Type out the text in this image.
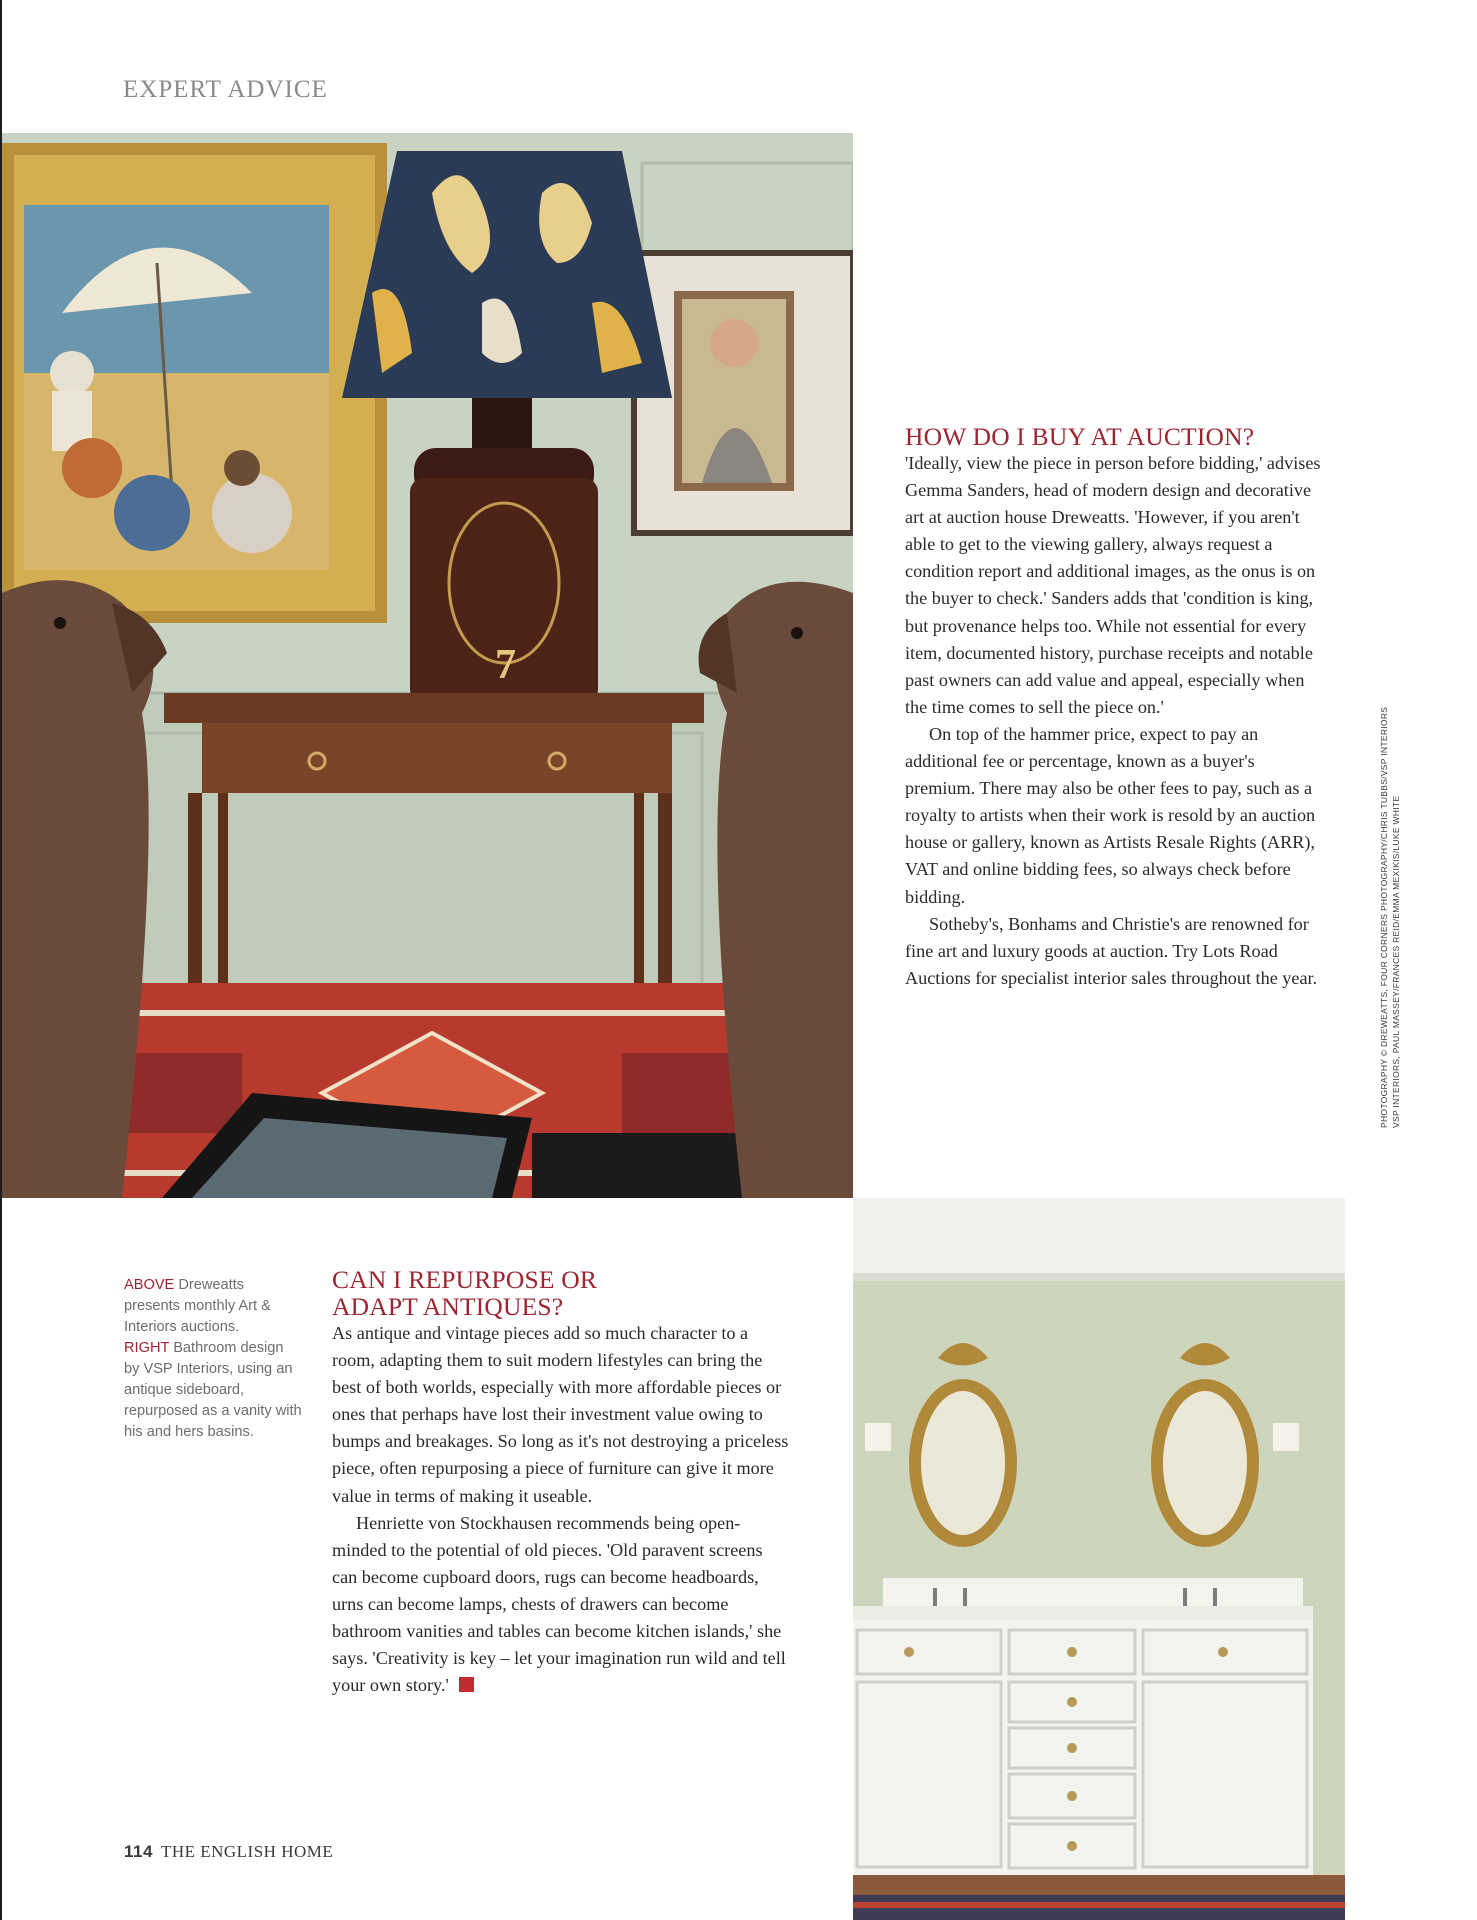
EXPERT ADVICE
7
HOW DO I BUY AT AUCTION?

'Ideally, view the piece in person before bidding,' advises Gemma Sanders, head of modern design and decorative art at auction house Dreweatts. 'However, if you aren't able to get to the viewing gallery, always request a condition report and additional images, as the onus is on the buyer to check.' Sanders adds that 'condition is king, but provenance helps too. While not essential for every item, documented history, purchase receipts and notable past owners can add value and appeal, especially when the time comes to sell the piece on.'

On top of the hammer price, expect to pay an additional fee or percentage, known as a buyer's premium. There may also be other fees to pay, such as a royalty to artists when their work is resold by an auction house or gallery, known as Artists Resale Rights (ARR), VAT and online bidding fees, so always check before bidding.

Sotheby's, Bonhams and Christie's are renowned for fine art and luxury goods at auction. Try Lots Road Auctions for specialist interior sales throughout the year.	PHOTOGRAPHY © DREWEATTS, FOUR CORNERS PHOTOGRAPHY/CHRIS TUBBS/VSP INTERIORS VSP INTERIORS, PAUL MASSEY/FRANCES REID/EMMA MEXIKIS/LUKE WHITE

ABOVE Dreweatts presents monthly Art & Interiors auctions.

RIGHT Bathroom design by VSP Interiors, using an antique sideboard, repurposed as a vanity with his and hers basins.

CAN I REPURPOSE OR
ADAPT ANTIQUES?

As antique and vintage pieces add so much character to a room, adapting them to suit modern lifestyles can bring the best of both worlds, especially with more affordable pieces or ones that perhaps have lost their investment value owing to bumps and breakages. So long as it's not destroying a priceless piece, often repurposing a piece of furniture can give it more value in terms of making it useable.

Henriette von Stockhausen recommends being open-minded to the potential of old pieces. 'Old paravent screens can become cupboard doors, rugs can become headboards, urns can become lamps, chests of drawers can become bathroom vanities and tables can become kitchen islands,' she says. 'Creativity is key – let your imagination run wild and tell your own story.'

114 THE ENGLISH HOME
